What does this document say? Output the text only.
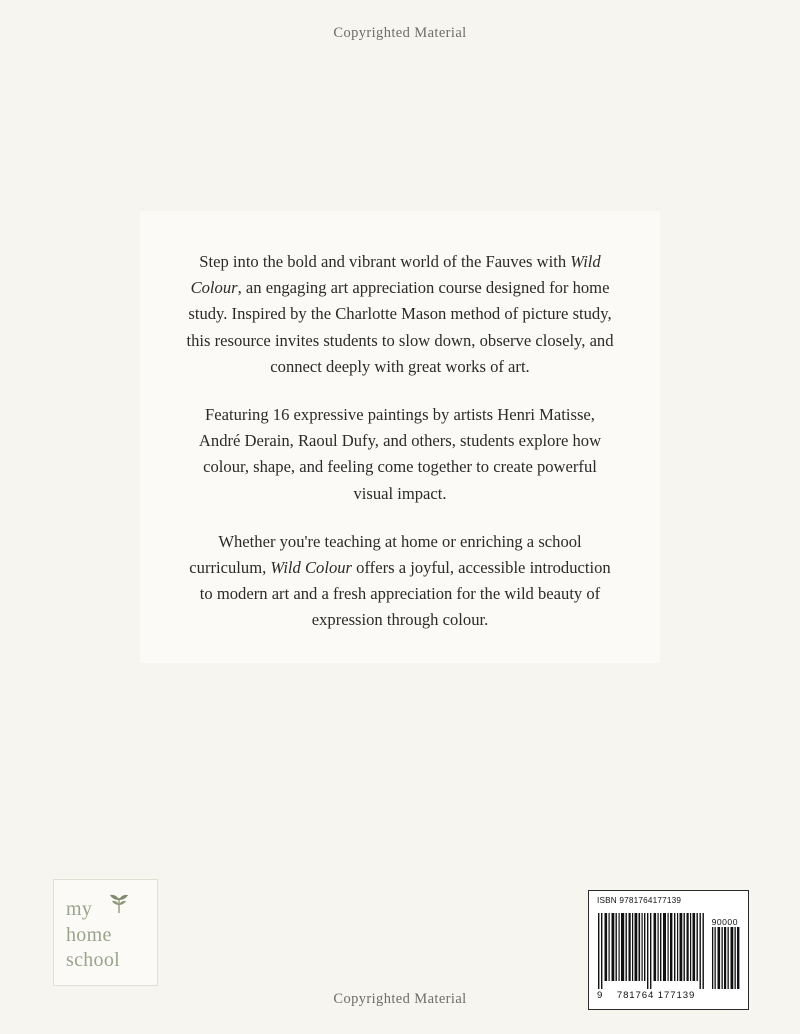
Copyrighted Material

Step into the bold and vibrant world of the Fauves with Wild Colour, an engaging art appreciation course designed for home study. Inspired by the Charlotte Mason method of picture study, this resource invites students to slow down, observe closely, and connect deeply with great works of art.

Featuring 16 expressive paintings by artists Henri Matisse, André Derain, Raoul Dufy, and others, students explore how colour, shape, and feeling come together to create powerful visual impact.

Whether you're teaching at home or enriching a school curriculum, Wild Colour offers a joyful, accessible introduction to modern art and a fresh appreciation for the wild beauty of expression through colour.

my
home
school
ISBN 9781764177139
90000
9 781764 177139
Copyrighted Material
